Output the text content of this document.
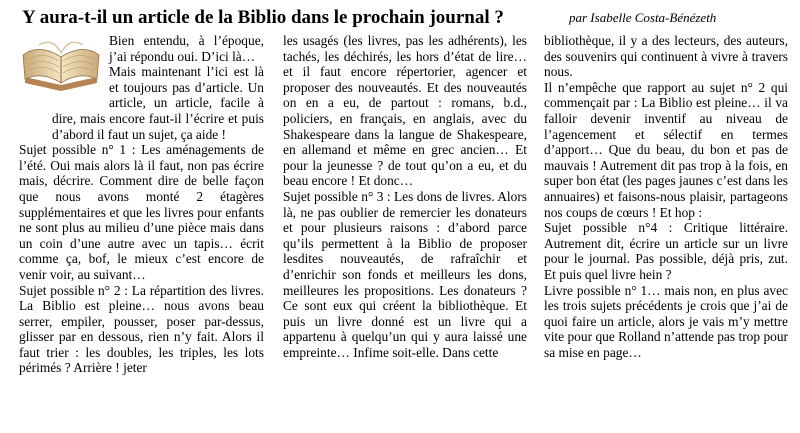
Y aura-t-il un article de la Biblio dans le prochain journal ?	par Isabelle Costa-Bénézeth

Bien entendu, à l’époque, j’ai répondu oui. D’ici là…

Mais maintenant l’ici est là et toujours pas d’article. Un article, un article, facile à dire, mais encore faut-il l’écrire et puis d’abord il faut un sujet, ça aide !

Sujet possible n° 1 : Les aménagements de l’été. Oui mais alors là il faut, non pas écrire mais, décrire. Comment dire de belle façon que nous avons monté 2 étagères supplémentaires et que les livres pour enfants ne sont plus au milieu d’une pièce mais dans un coin d’une autre avec un tapis… écrit comme ça, bof, le mieux c’est encore de venir voir, au suivant…

Sujet possible n° 2 : La répartition des livres. La Biblio est pleine… nous avons beau serrer, empiler, pousser, poser par-dessus, glisser par en dessous, rien n’y fait. Alors il faut trier : les doubles, les triples, les lots périmés ? Arrière ! jeter

les usagés (les livres, pas les adhérents), les tachés, les déchirés, les hors d’état de lire… et il faut encore répertorier, agencer et proposer des nouveautés. Et des nouveautés on en a eu, de partout : romans, b.d., policiers, en français, en anglais, avec du Shakespeare dans la langue de Shakespeare, en allemand et même en grec ancien… Et pour la jeunesse ? de tout qu’on a eu, et du beau encore ! Et donc…

Sujet possible n° 3 : Les dons de livres. Alors là, ne pas oublier de remercier les donateurs et pour plusieurs raisons : d’abord parce qu’ils permettent à la Biblio de proposer lesdites nouveautés, de rafraîchir et d’enrichir son fonds et meilleurs les dons, meilleures les propositions. Les donateurs ? Ce sont eux qui créent la bibliothèque. Et puis un livre donné est un livre qui a appartenu à quelqu’un qui y aura laissé une empreinte… Infime soit-elle. Dans cette

bibliothèque, il y a des lecteurs, des auteurs, des souvenirs qui continuent à vivre à travers nous.

Il n’empêche que rapport au sujet n° 2 qui commençait par : La Biblio est pleine… il va falloir devenir inventif au niveau de l’agencement et sélectif en termes d’apport… Que du beau, du bon et pas de mauvais ! Autrement dit pas trop à la fois, en super bon état (les pages jaunes c’est dans les annuaires) et faisons-nous plaisir, partageons nos coups de cœurs ! Et hop :

Sujet possible n°4 : Critique littéraire. Autrement dit, écrire un article sur un livre pour le journal. Pas possible, déjà pris, zut. Et puis quel livre hein ?

Livre possible n° 1… mais non, en plus avec les trois sujets précédents je crois que j’ai de quoi faire un article, alors je vais m’y mettre vite pour que Rolland n’attende pas trop pour sa mise en page…
